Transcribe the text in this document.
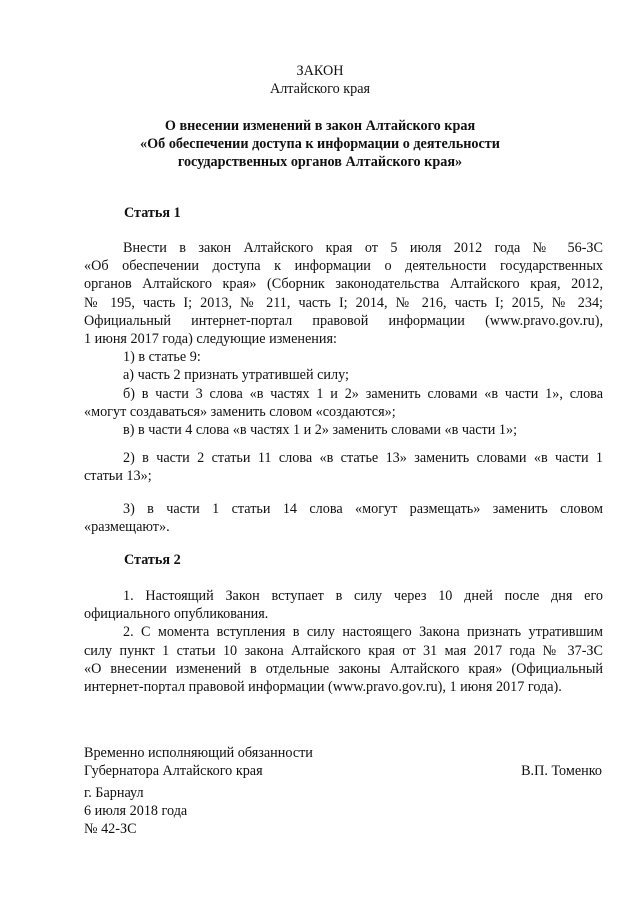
ЗАКОН
Алтайского края
О внесении изменений в закон Алтайского края
«Об обеспечении доступа к информации о деятельности
государственных органов Алтайского края»
Статья 1
Внести в закон Алтайского края от 5 июля 2012 года № 56-ЗС
«Об обеспечении доступа к информации о деятельности государственных
органов Алтайского края» (Сборник законодательства Алтайского края, 2012,
№ 195, часть I; 2013, № 211, часть I; 2014, № 216, часть I; 2015, № 234;
Официальный интернет-портал правовой информации (www.pravo.gov.ru),
1 июня 2017 года) следующие изменения:
1) в статье 9:
а) часть 2 признать утратившей силу;
б) в части 3 слова «в частях 1 и 2» заменить словами «в части 1», слова
«могут создаваться» заменить словом «создаются»;
в) в части 4 слова «в частях 1 и 2» заменить словами «в части 1»;
2) в части 2 статьи 11 слова «в статье 13» заменить словами «в части 1
статьи 13»;
3) в части 1 статьи 14 слова «могут размещать» заменить словом
«размещают».
Статья 2
1. Настоящий Закон вступает в силу через 10 дней после дня его
официального опубликования.
2. С момента вступления в силу настоящего Закона признать утратившим
силу пункт 1 статьи 10 закона Алтайского края от 31 мая 2017 года № 37-ЗС
«О внесении изменений в отдельные законы Алтайского края» (Официальный
интернет-портал правовой информации (www.pravo.gov.ru), 1 июня 2017 года).
Временно исполняющий обязанности
Губернатора Алтайского края	В.П. Томенко
г. Барнаул
6 июля 2018 года
№ 42-ЗС
